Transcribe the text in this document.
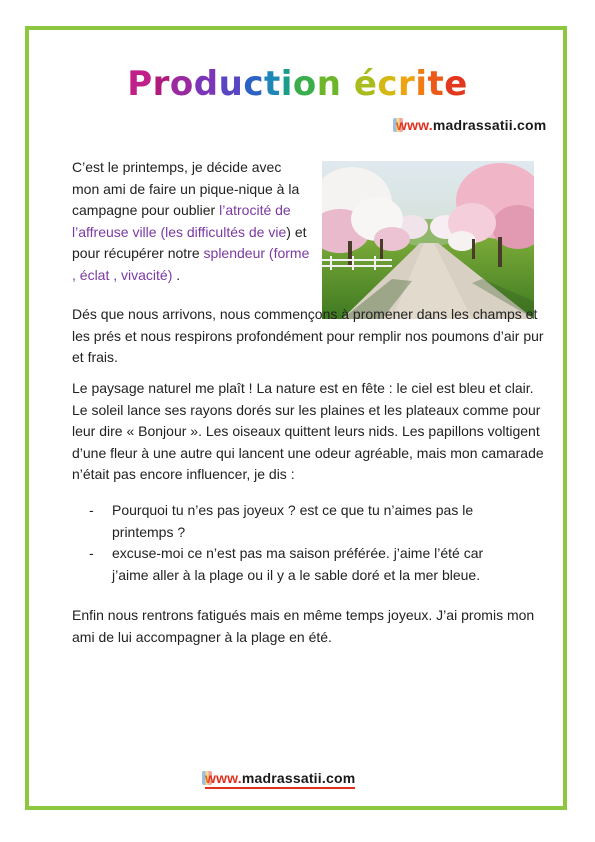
Production écrite
www.madrassatii.com
C’est le printemps, je décide avec mon ami de faire un pique-nique à la campagne pour oublier l’atrocité de l’affreuse ville (les difficultés de vie) et pour récupérer notre splendeur (forme , éclat , vivacité) .
Dés que nous arrivons, nous commençons à promener dans les champs et les prés et nous respirons profondément pour remplir nos poumons d’air pur et frais.
Le paysage naturel me plaît ! La nature est en fête : le ciel est bleu et clair. Le soleil lance ses rayons dorés sur les plaines et les plateaux comme pour leur dire « Bonjour ». Les oiseaux quittent leurs nids. Les papillons voltigent d’une fleur à une autre qui lancent une odeur agréable, mais mon camarade n’était pas encore influencer, je dis :
-	Pourquoi tu n’es pas joyeux ? est ce que tu n’aimes pas le
printemps ?
-	excuse-moi ce n’est pas ma saison préférée. j’aime l’été car
j’aime aller à la plage ou il y a le sable doré et la mer bleue.
Enfin nous rentrons fatigués mais en même temps joyeux. J’ai promis mon ami de lui accompagner à la plage en été.
www.madrassatii.com
